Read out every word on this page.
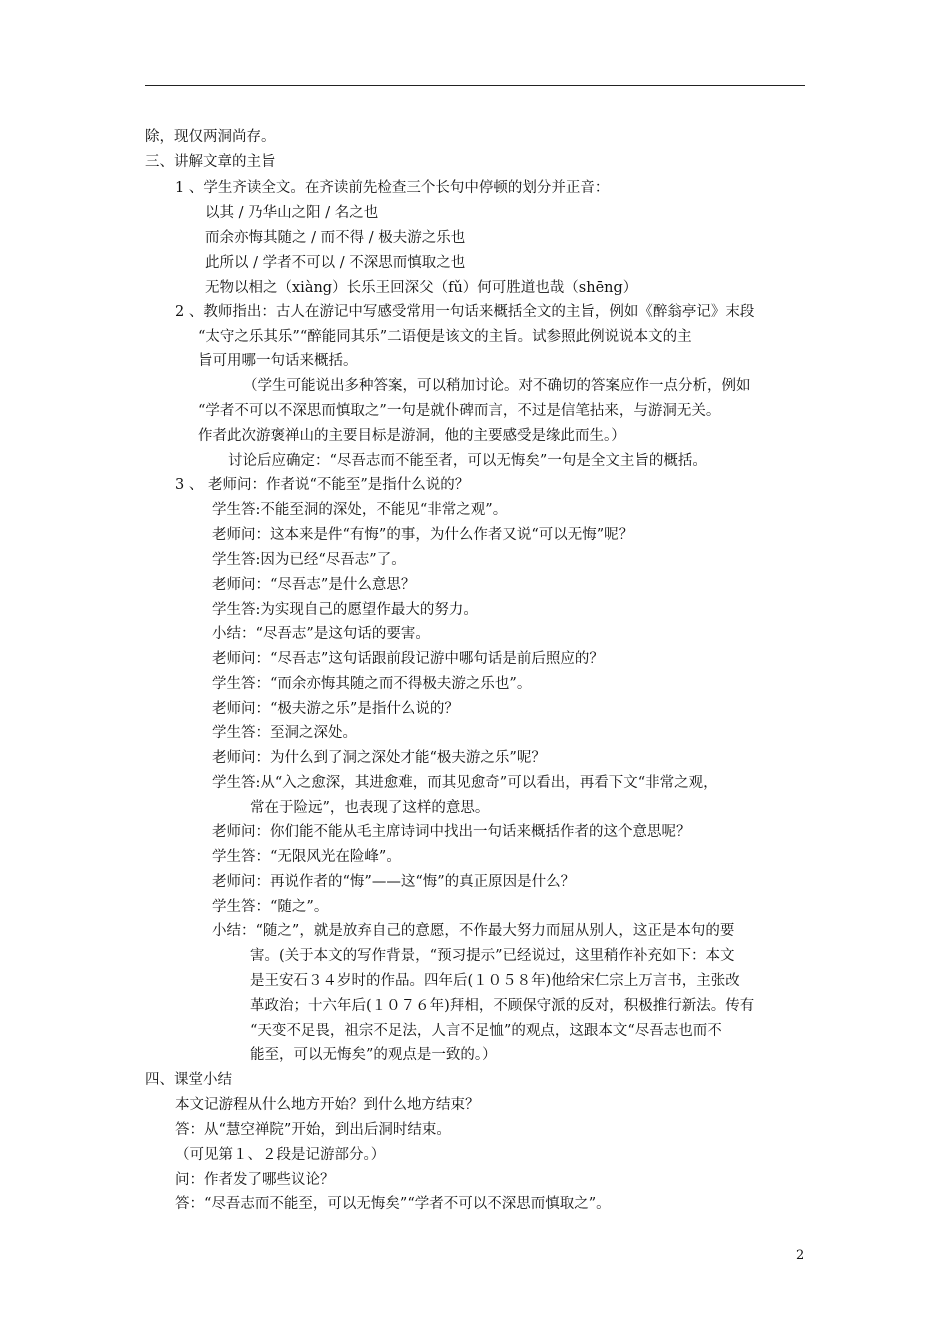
除，现仅两洞尚存。
三、讲解文章的主旨
1 、学生齐读全文。在齐读前先检查三个长句中停顿的划分并正音：
以其 / 乃华山之阳 / 名之也
而余亦悔其随之 / 而不得 / 极夫游之乐也
此所以 / 学者不可以 / 不深思而慎取之也
无物以相之（xiàng）长乐王回深父（fǔ）何可胜道也哉（shēng）
2 、教师指出：古人在游记中写感受常用一句话来概括全文的主旨，例如《醉翁亭记》末段
“太守之乐其乐”“醉能同其乐”二语便是该文的主旨。试参照此例说说本文的主
旨可用哪一句话来概括。
（学生可能说出多种答案，可以稍加讨论。对不确切的答案应作一点分析，例如
“学者不可以不深思而慎取之”一句是就仆碑而言，不过是信笔拈来，与游洞无关。
作者此次游褒禅山的主要目标是游洞，他的主要感受是缘此而生。）
讨论后应确定：“尽吾志而不能至者，可以无悔矣”一句是全文主旨的概括。
3 、 老师问：作者说“不能至”是指什么说的？
学生答:不能至洞的深处，不能见“非常之观”。
老师问：这本来是件“有悔”的事，为什么作者又说“可以无悔”呢？
学生答:因为已经“尽吾志”了。
老师问：“尽吾志”是什么意思？
学生答:为实现自己的愿望作最大的努力。
小结：“尽吾志”是这句话的要害。
老师问：“尽吾志”这句话跟前段记游中哪句话是前后照应的？
学生答：“而余亦悔其随之而不得极夫游之乐也”。
老师问：“极夫游之乐”是指什么说的？
学生答：至洞之深处。
老师问：为什么到了洞之深处才能“极夫游之乐”呢？
学生答:从“入之愈深，其进愈难，而其见愈奇”可以看出，再看下文“非常之观，
常在于险远”，也表现了这样的意思。
老师问：你们能不能从毛主席诗词中找出一句话来概括作者的这个意思呢？
学生答：“无限风光在险峰”。
老师问：再说作者的“悔”——这“悔”的真正原因是什么？
学生答：“随之”。
小结：“随之”，就是放弃自己的意愿，不作最大努力而屈从别人，这正是本句的要
害。(关于本文的写作背景，“预习提示”已经说过，这里稍作补充如下：本文
是王安石３４岁时的作品。四年后(１０５８年)他给宋仁宗上万言书，主张改
革政治；十六年后(１０７６年)拜相，不顾保守派的反对，积极推行新法。传有
“天变不足畏，祖宗不足法，人言不足恤”的观点，这跟本文“尽吾志也而不
能至，可以无悔矣”的观点是一致的。）
四、课堂小结
本文记游程从什么地方开始？到什么地方结束？
答：从“慧空禅院”开始，到出后洞时结束。
（可见第１、２段是记游部分。）
问：作者发了哪些议论？
答：“尽吾志而不能至，可以无悔矣”“学者不可以不深思而慎取之”。
2
